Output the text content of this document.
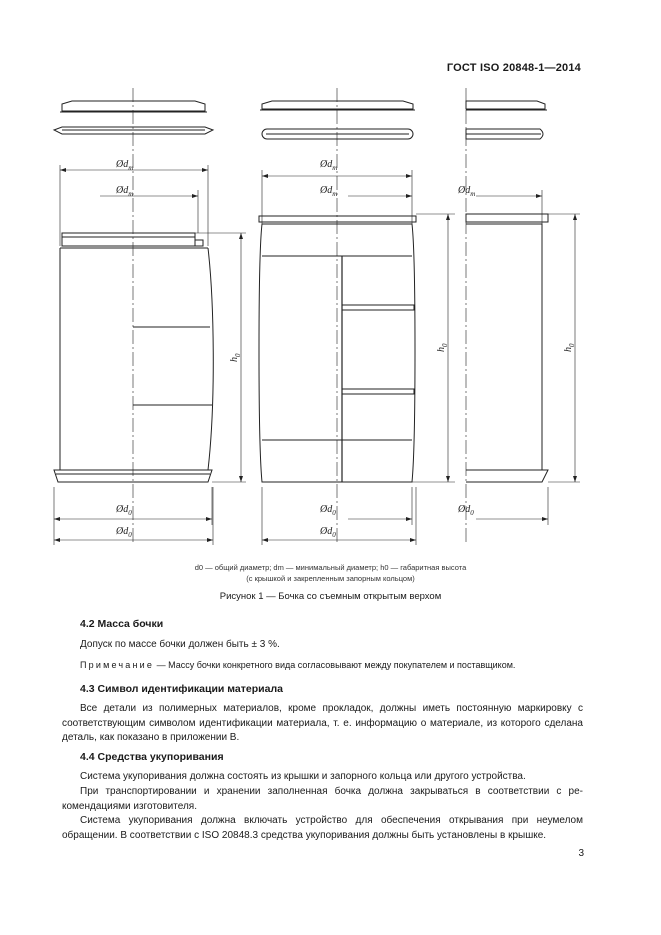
ГОСТ ISO 20848-1—2014
$Ød_m$
$Ød_m$
$Ød_m$
$Ød_m$	$Ød_m$
$Ød_0$
$Ød_0$
$Ød_0$
$Ød_0$
$Ød_0$
$h_0$
$h_0$
$h_0$
d0 — общий диаметр; dm — минимальный диаметр; h0 — габаритная высота
(с крышкой и закрепленным запорным кольцом)
Рисунок 1 — Бочка со съемным открытым верхом
4.2 Масса бочки
Допуск по массе бочки должен быть ± 3 %.
Примечание — Массу бочки конкретного вида согласовывают между покупателем и поставщиком.
4.3 Символ идентификации материала
Все детали из полимерных материалов, кроме прокладок, должны иметь постоянную маркировку с соответствующим символом идентификации материала, т. е. информацию о материале, из которого сделана деталь, как показано в приложении В.
4.4 Средства укупоривания
Система укупоривания должна состоять из крышки и запорного кольца или другого устройства.
При транспортировании и хранении заполненная бочка должна закрываться в соответствии с ре-комендациями изготовителя.
Система укупоривания должна включать устройство для обеспечения открывания при неумелом обращении. В соответствии с ISO 20848.3 средства укупоривания должны быть установлены в крышке.
3
